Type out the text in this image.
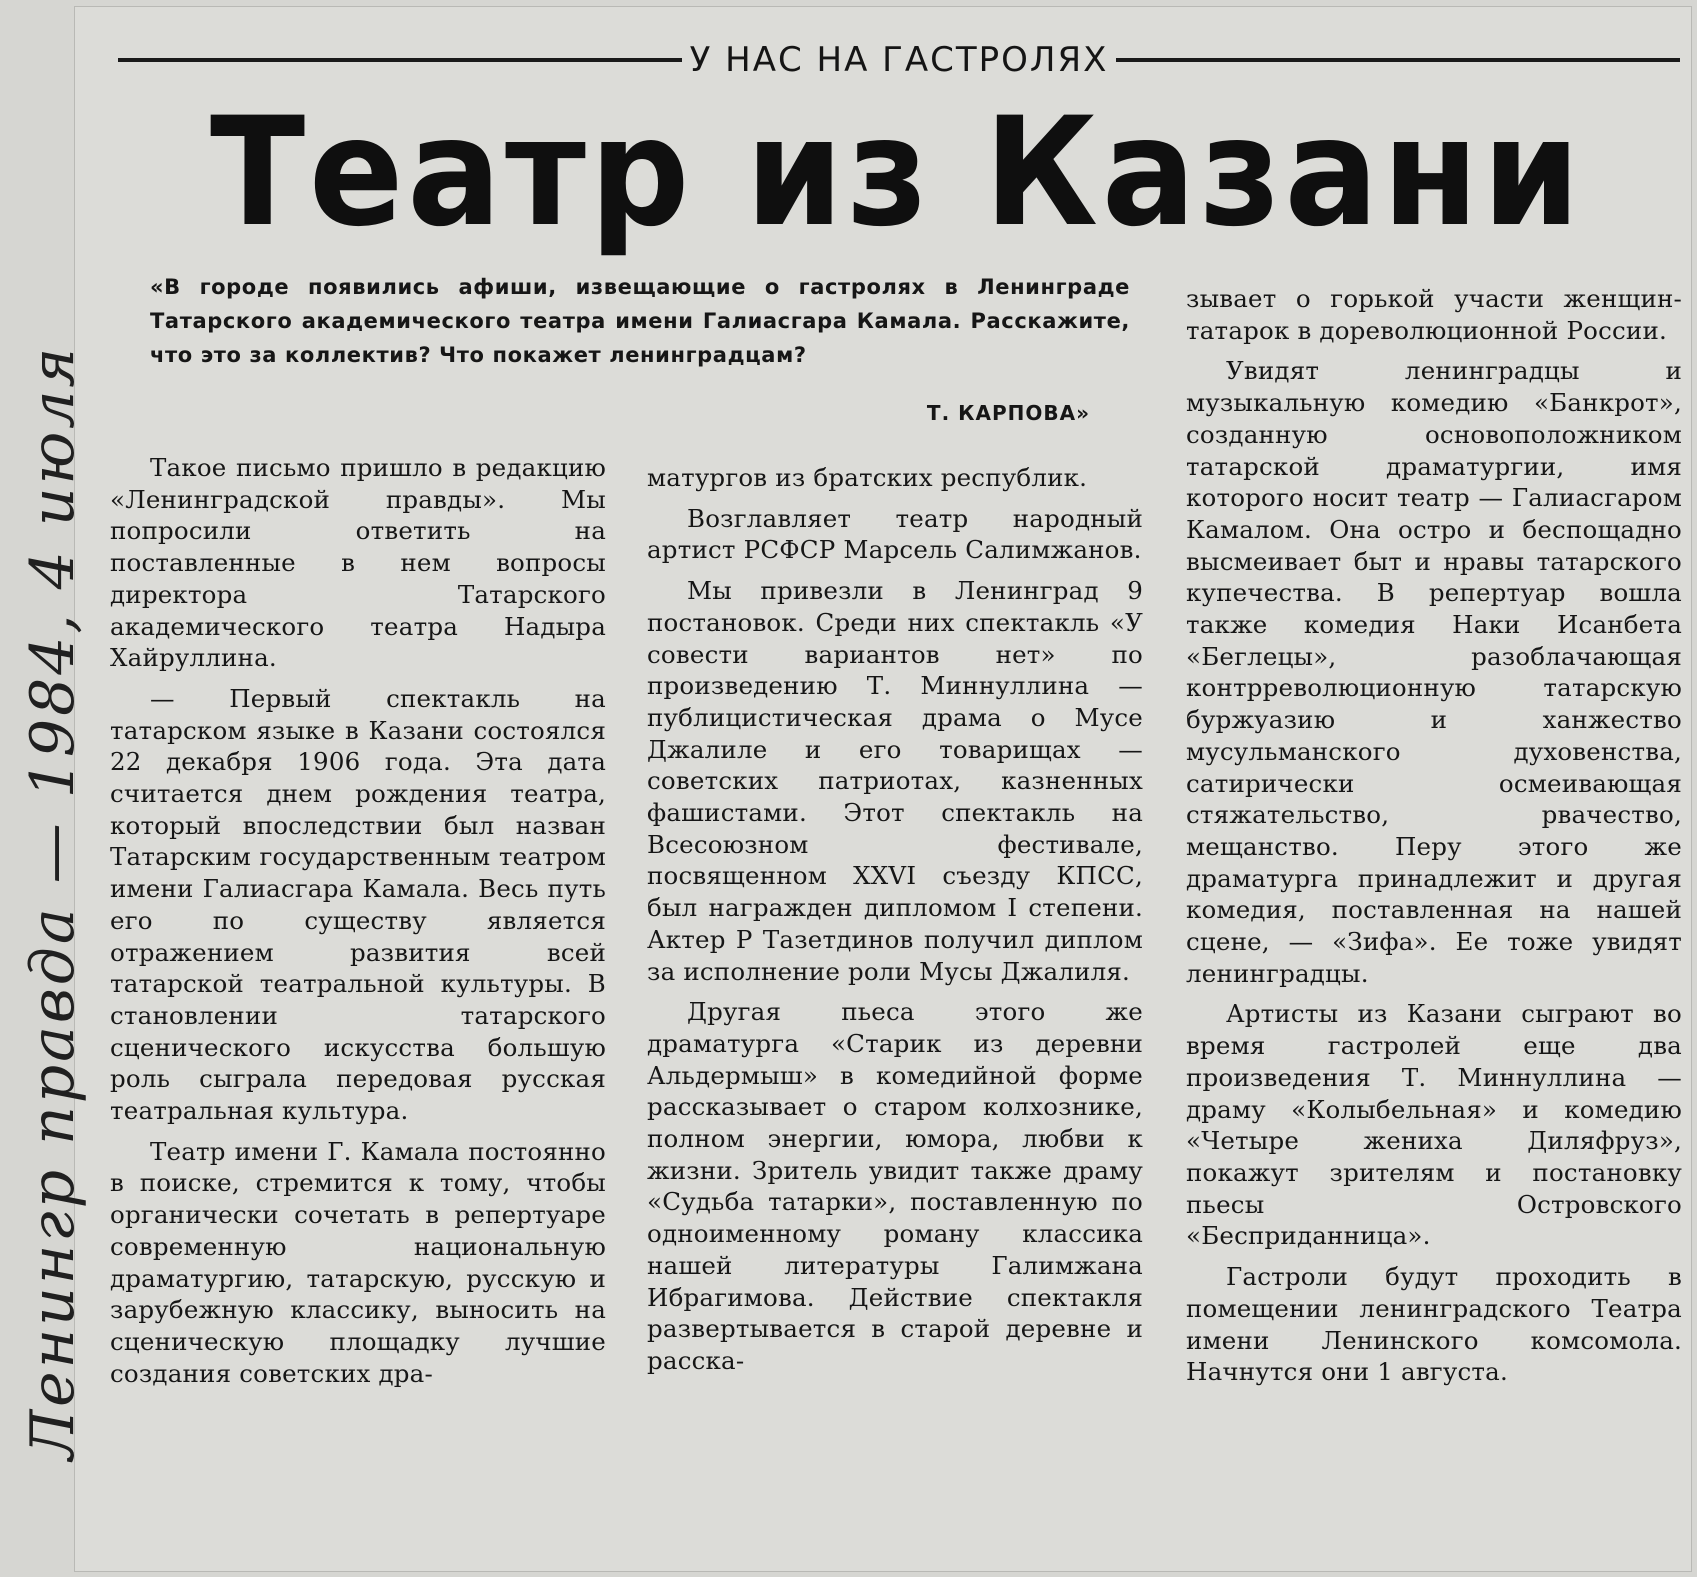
У НАС НА ГАСТРОЛЯХ
Театр из Казани
«В городе появились афиши, извещающие о гастролях в Ленинграде Татарского академического театра имени Галиасгара Камала. Расскажите, что это за коллектив? Что покажет ленинградцам?
Т. КАРПОВА»

Такое письмо пришло в редакцию «Ленинградской правды». Мы попросили ответить на поставленные в нем вопросы директора Татарского академического театра Надыра Хайруллина.

— Первый спектакль на татарском языке в Казани состоялся 22 декабря 1906 года. Эта дата считается днем рождения театра, который впоследствии был назван Татарским государственным театром имени Галиасгара Камала. Весь путь его по существу является отражением развития всей татарской театральной культуры. В становлении татарского сценического искусства большую роль сыграла передовая русская театральная культура.

Театр имени Г. Камала постоянно в поиске, стремится к тому, чтобы органически сочетать в репертуаре современную национальную драматургию, татарскую, русскую и зарубежную классику, выносить на сценическую площадку лучшие создания советских дра-

матургов из братских республик.

Возглавляет театр народный артист РСФСР Марсель Салимжанов.

Мы привезли в Ленинград 9 постановок. Среди них спектакль «У совести вариантов нет» по произведению Т. Миннуллина — публицистическая драма о Мусе Джалиле и его товарищах — советских патриотах, казненных фашистами. Этот спектакль на Всесоюзном фестивале, посвященном XXVI съезду КПСС, был награжден дипломом I степени. Актер Р Тазетдинов получил диплом за исполнение роли Мусы Джалиля.

Другая пьеса этого же драматурга «Старик из деревни Альдермыш» в комедийной форме рассказывает о старом колхознике, полном энергии, юмора, любви к жизни. Зритель увидит также драму «Судьба татарки», поставленную по одноименному роману классика нашей литературы Галимжана Ибрагимова. Действие спектакля развертывается в старой деревне и расска-

зывает о горькой участи женщин-татарок в дореволюционной России.

Увидят ленинградцы и музыкальную комедию «Банкрот», созданную основоположником татарской драматургии, имя которого носит театр — Галиасгаром Камалом. Она остро и беспощадно высмеивает быт и нравы татарского купечества. В репертуар вошла также комедия Наки Исанбета «Беглецы», разоблачающая контрреволюционную татарскую буржуазию и ханжество мусульманского духовенства, сатирически осмеивающая стяжательство, рвачество, мещанство. Перу этого же драматурга принадлежит и другая комедия, поставленная на нашей сцене, — «Зифа». Ее тоже увидят ленинградцы.

Артисты из Казани сыграют во время гастролей еще два произведения Т. Миннуллина — драму «Колыбельная» и комедию «Четыре жениха Диляфруз», покажут зрителям и постановку пьесы Островского «Бесприданница».

Гастроли будут проходить в помещении ленинградского Театра имени Ленинского комсомола. Начнутся они 1 августа.

Ленингр правда — 1984, 4 июля
